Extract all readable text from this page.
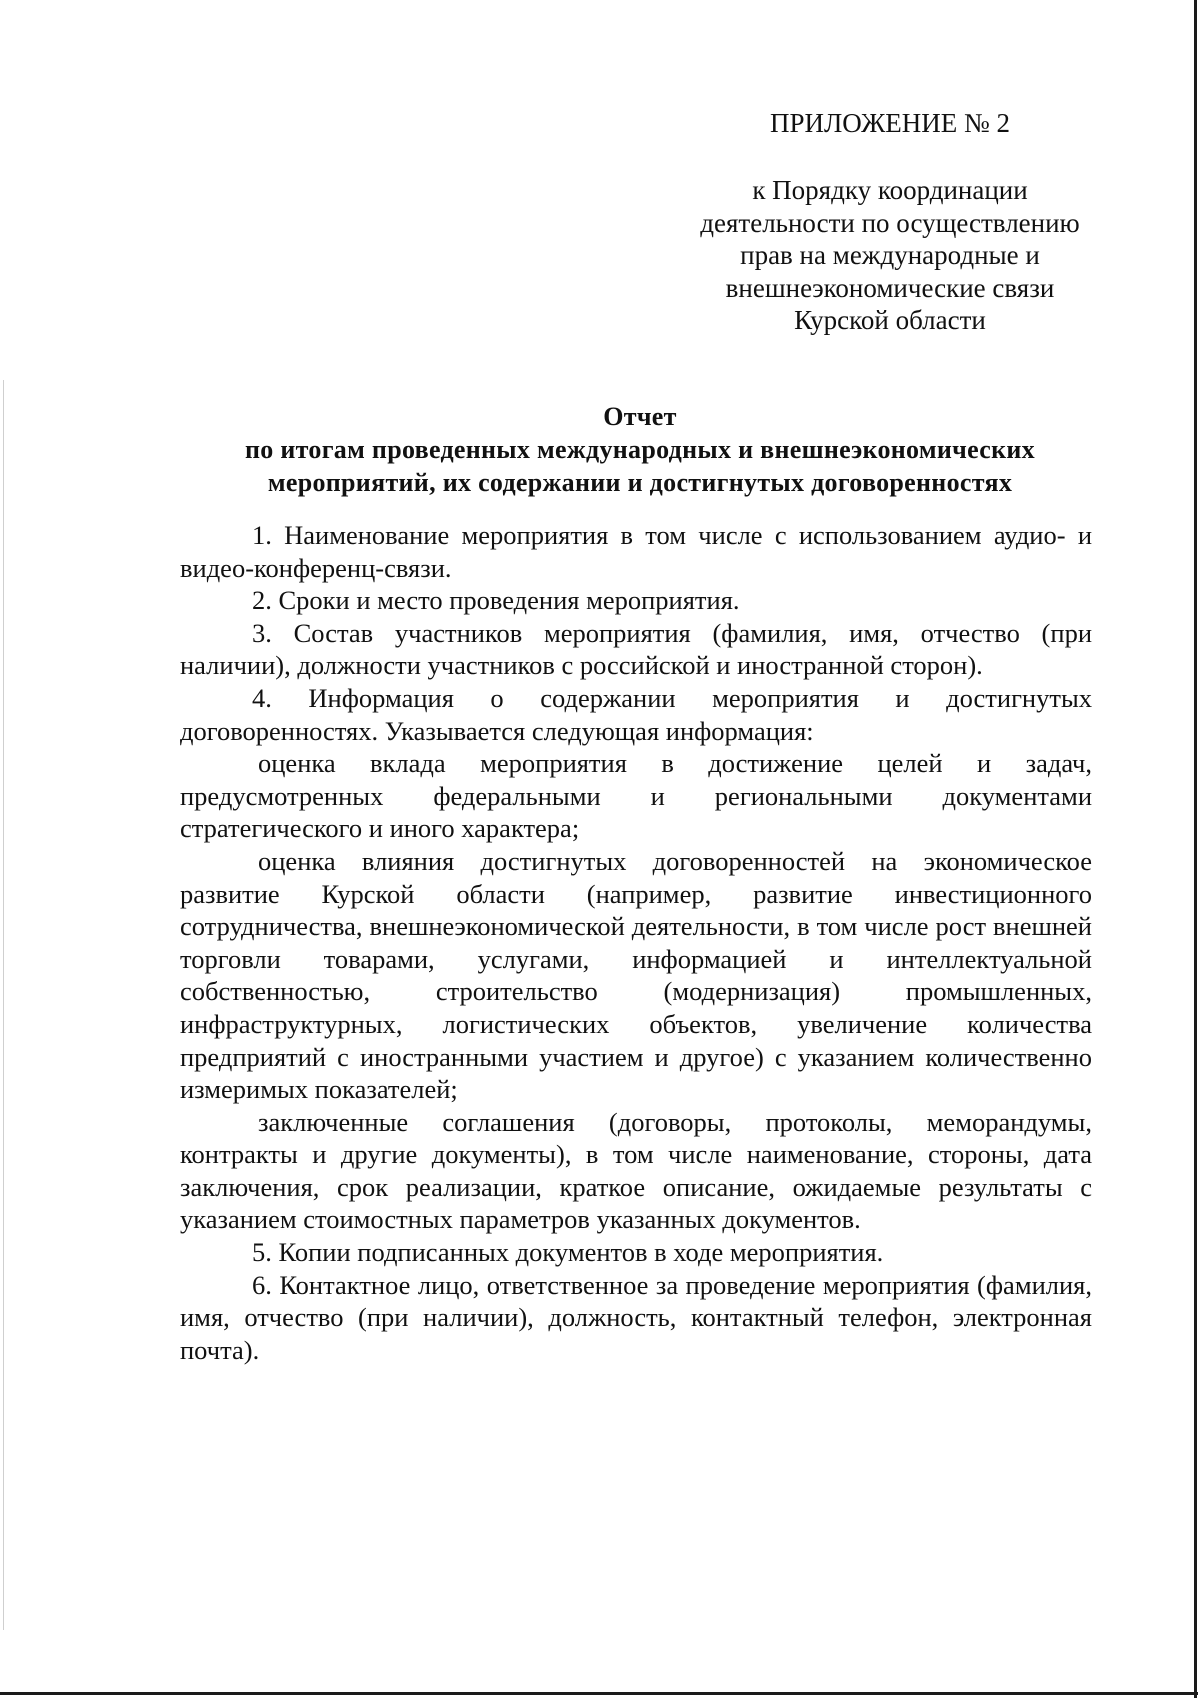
ПРИЛОЖЕНИЕ № 2
к Порядку координации
деятельности по осуществлению
прав на международные и
внешнеэкономические связи
Курской области
Отчет
по итогам проведенных международных и внешнеэкономических
мероприятий, их содержании и достигнутых договоренностях

1. Наименование мероприятия в том числе с использованием аудио- и видео-конференц-связи.

2. Сроки и место проведения мероприятия.

3. Состав участников мероприятия (фамилия, имя, отчество (при наличии), должности участников с российской и иностранной сторон).

4. Информация о содержании мероприятия и достигнутых договоренностях. Указывается следующая информация:

оценка вклада мероприятия в достижение целей и задач, предусмотренных федеральными и региональными документами стратегического и иного характера;

оценка влияния достигнутых договоренностей на экономическое развитие Курской области (например, развитие инвестиционного сотрудничества, внешнеэкономической деятельности, в том числе рост внешней торговли товарами, услугами, информацией и интеллектуальной собственностью, строительство (модернизация) промышленных, инфраструктурных, логистических объектов, увеличение количества предприятий с иностранными участием и другое) с указанием количественно измеримых показателей;

заключенные соглашения (договоры, протоколы, меморандумы, контракты и другие документы), в том числе наименование, стороны, дата заключения, срок реализации, краткое описание, ожидаемые результаты с указанием стоимостных параметров указанных документов.

5. Копии подписанных документов в ходе мероприятия.

6. Контактное лицо, ответственное за проведение мероприятия (фамилия, имя, отчество (при наличии), должность, контактный телефон, электронная почта).
